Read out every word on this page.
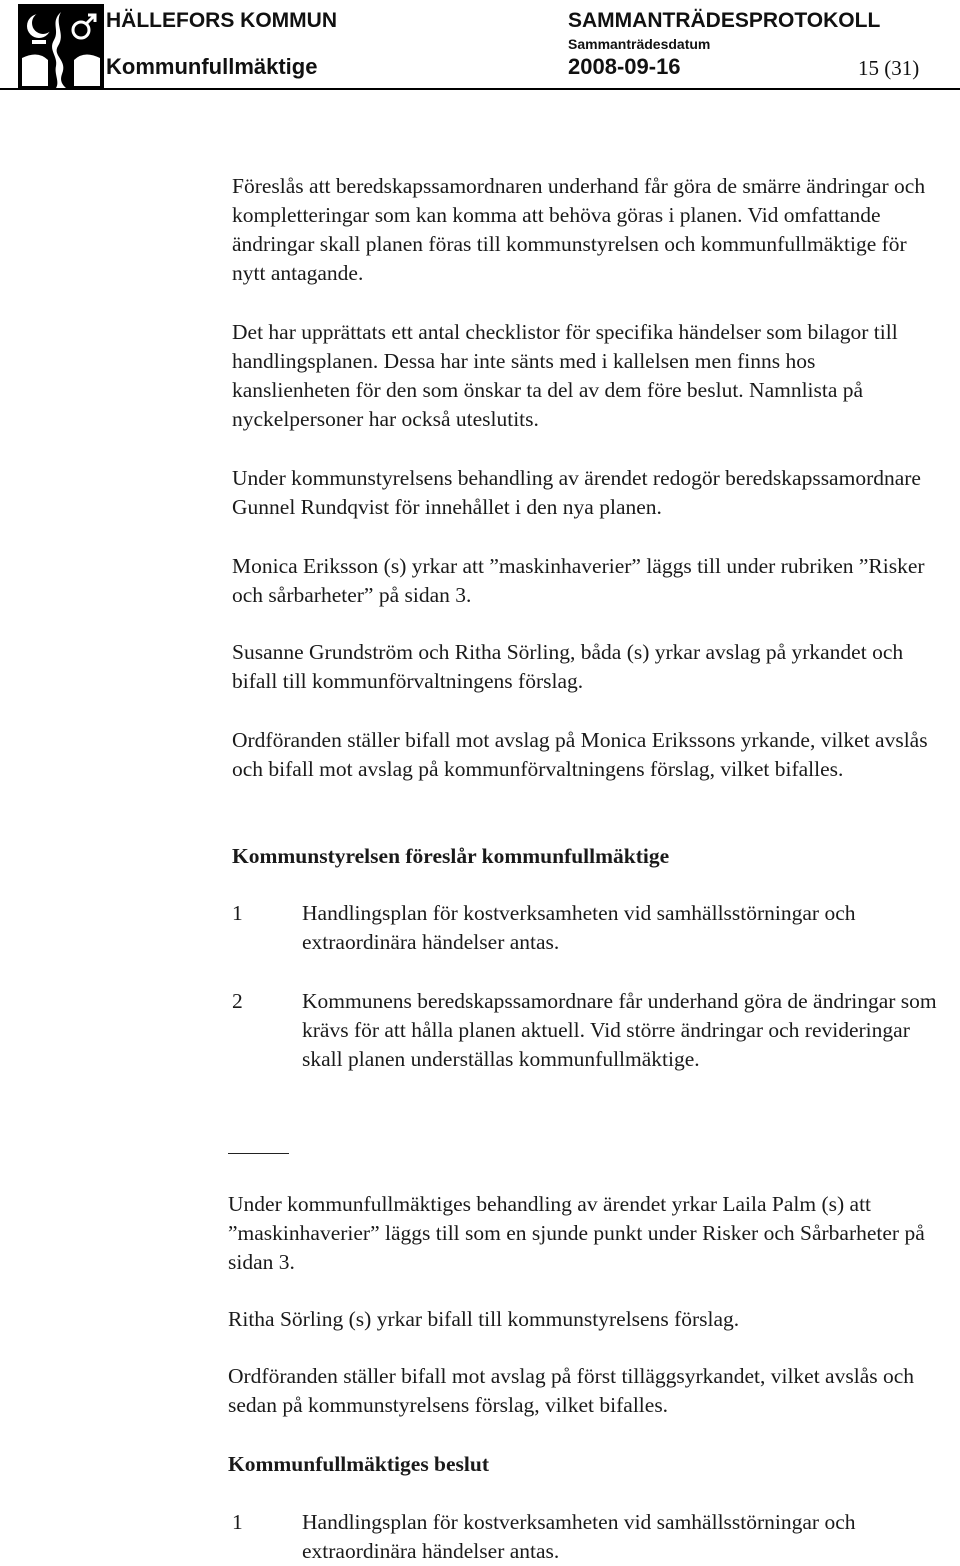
HÄLLEFORS KOMMUN	SAMMANTRÄDESPROTOKOLL
Sammanträdesdatum
Kommunfullmäktige	2008-09-16	15 (31)

Föreslås att beredskapssamordnaren underhand får göra de smärre ändringar och kompletteringar som kan komma att behöva göras i planen. Vid omfattande ändringar skall planen föras till kommunstyrelsen och kommunfullmäktige för nytt antagande.

Det har upprättats ett antal checklistor för specifika händelser som bilagor till handlingsplanen. Dessa har inte sänts med i kallelsen men finns hos kanslienheten för den som önskar ta del av dem före beslut. Namnlista på nyckelpersoner har också uteslutits.

Under kommunstyrelsens behandling av ärendet redogör beredskapssamordnare Gunnel Rundqvist för innehållet i den nya planen.

Monica Eriksson (s) yrkar att ”maskinhaverier” läggs till under rubriken ”Risker och sårbarheter” på sidan 3.

Susanne Grundström och Ritha Sörling, båda (s) yrkar avslag på yrkandet och bifall till kommunförvaltningens förslag.

Ordföranden ställer bifall mot avslag på Monica Erikssons yrkande, vilket avslås och bifall mot avslag på kommunförvaltningens förslag, vilket bifalles.

Kommunstyrelsen föreslår kommunfullmäktige
1	Handlingsplan för kostverksamheten vid samhällsstörningar och extraordinära händelser antas.

2	Kommunens beredskapssamordnare får underhand göra de ändringar som krävs för att hålla planen aktuell. Vid större ändringar och revideringar skall planen underställas kommunfullmäktige.

Under kommunfullmäktiges behandling av ärendet yrkar Laila Palm (s) att ”maskinhaverier” läggs till som en sjunde punkt under Risker och Sårbarheter på sidan 3.

Ritha Sörling (s) yrkar bifall till kommunstyrelsens förslag.

Ordföranden ställer bifall mot avslag på först tilläggsyrkandet, vilket avslås och sedan på kommunstyrelsens förslag, vilket bifalles.

Kommunfullmäktiges beslut
1	Handlingsplan för kostverksamheten vid samhällsstörningar och extraordinära händelser antas.
